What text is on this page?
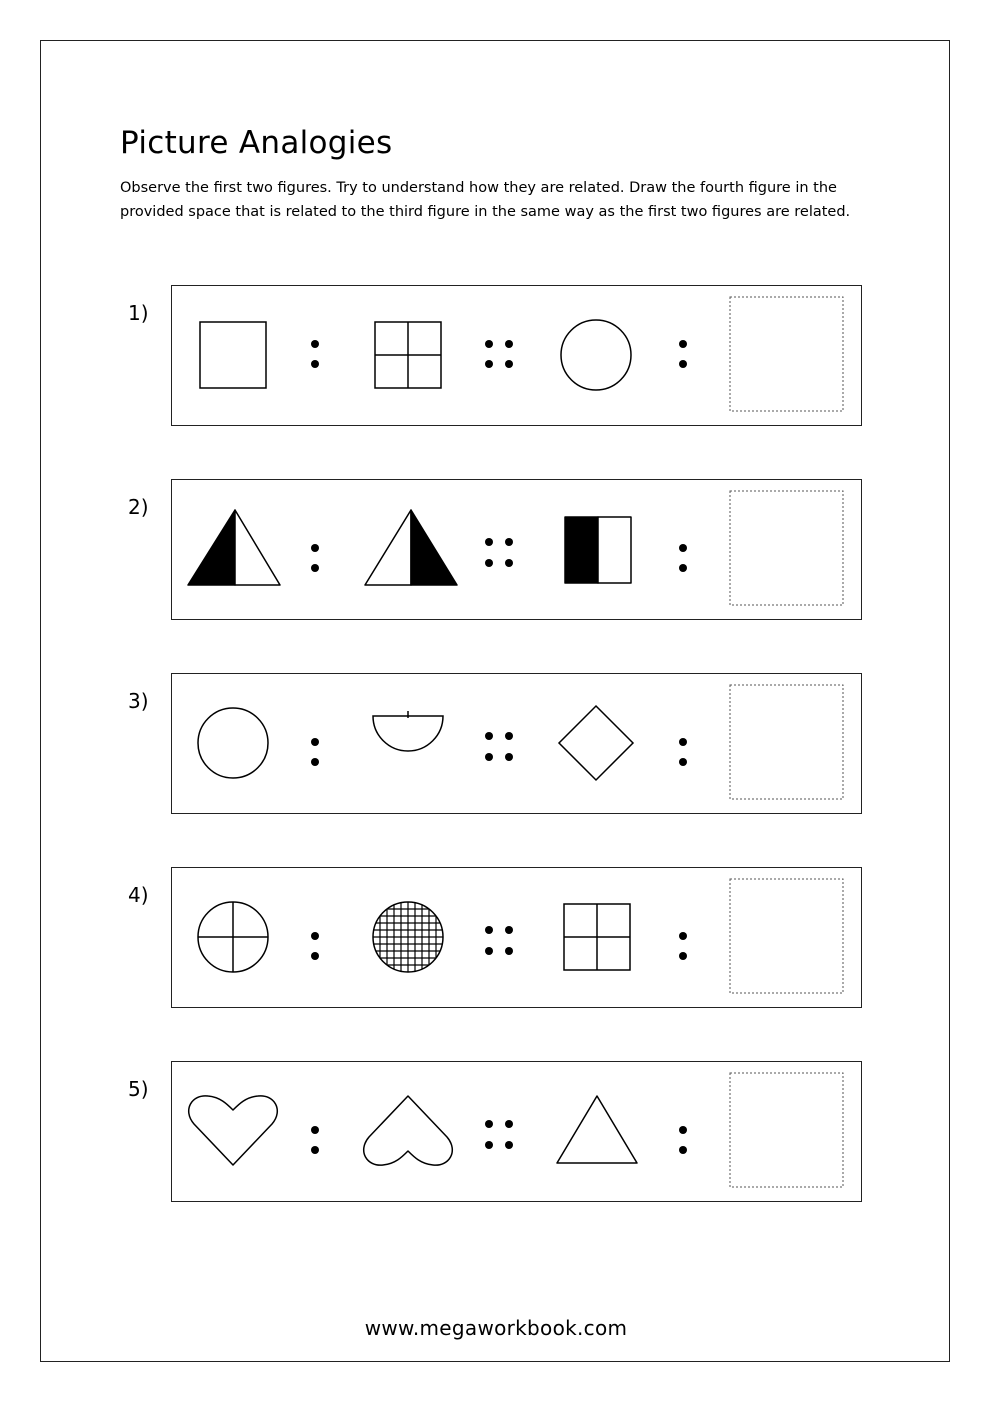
Picture Analogies
Observe the first two figures. Try to understand how they are related. Draw the fourth figure in the provided space that is related to the third figure in the same way as the first two figures are related.
1)
2)
3)
4)
5)
www.megaworkbook.com
